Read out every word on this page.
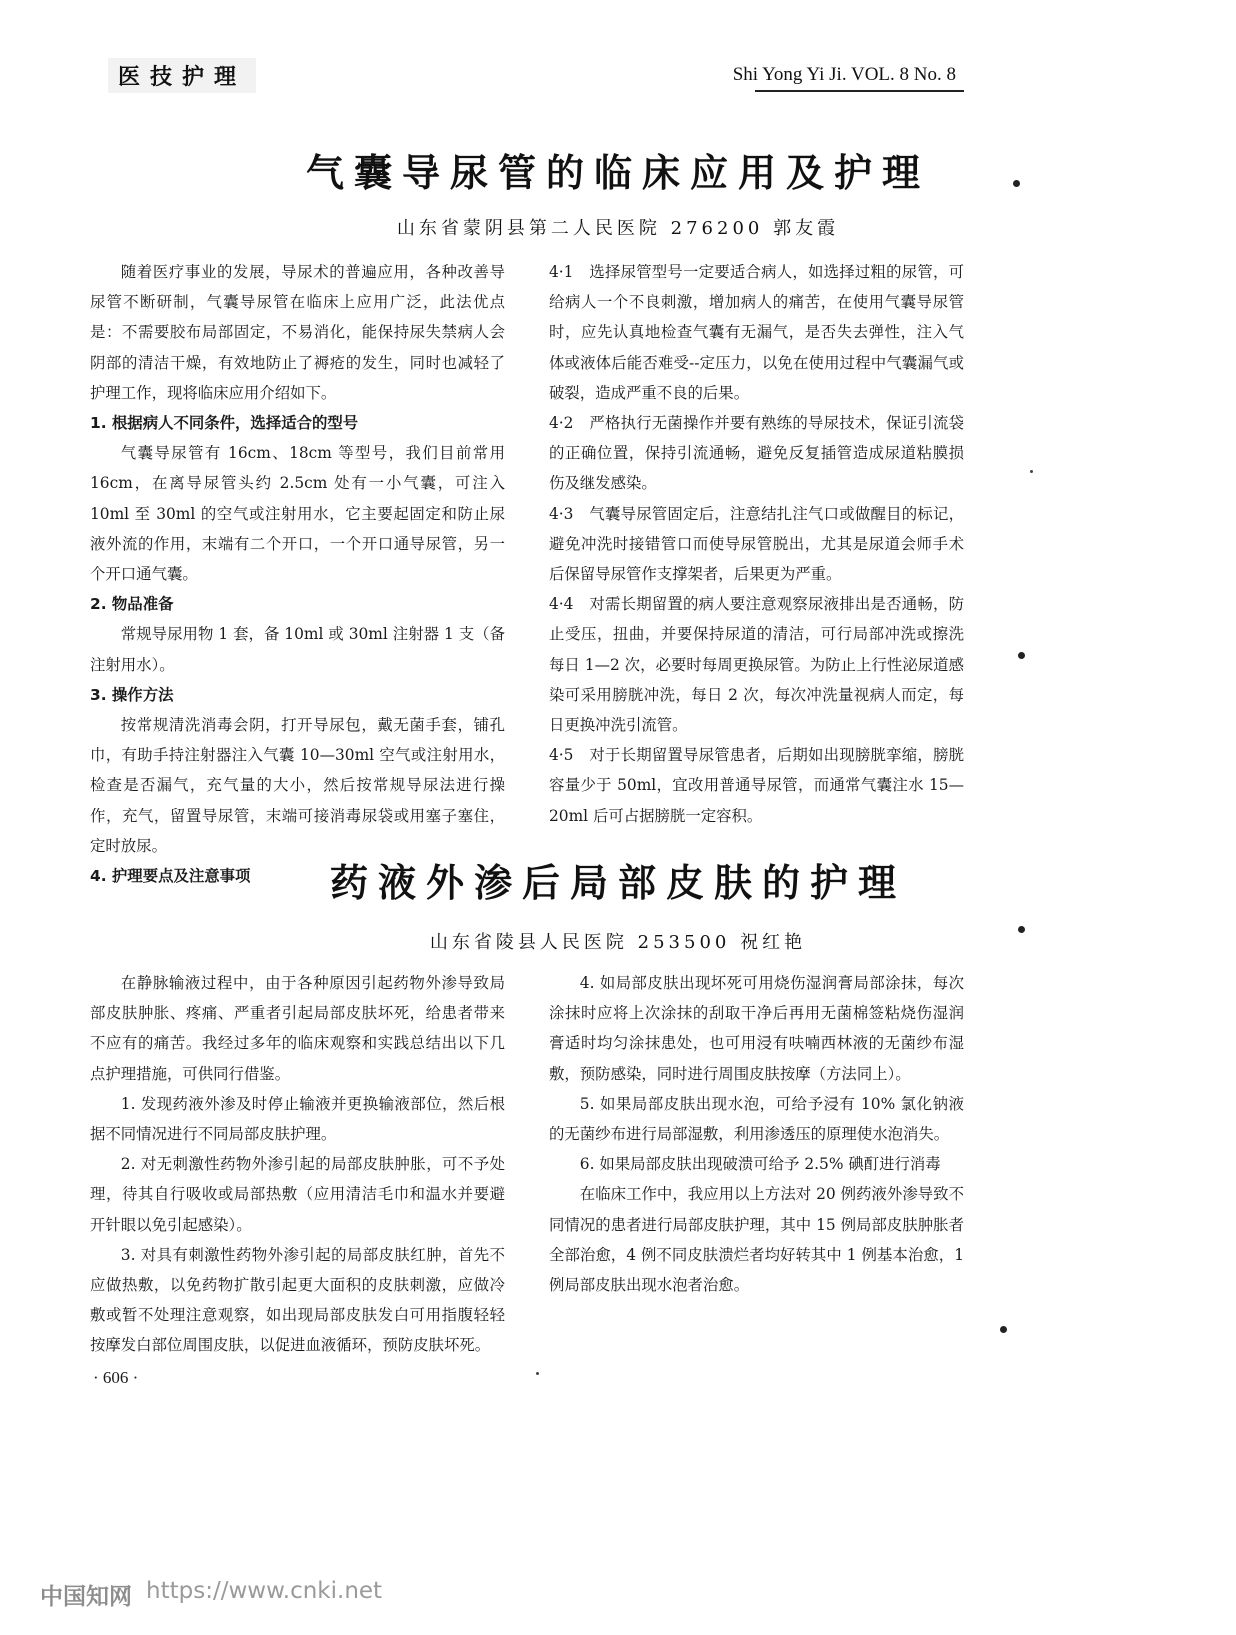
医技护理	Shi Yong Yi Ji. VOL. 8 No. 8
气囊导尿管的临床应用及护理
山东省蒙阴县第二人民医院 276200 郭友霞

随着医疗事业的发展，导尿术的普遍应用，各种改善导尿管不断研制，气囊导尿管在临床上应用广泛，此法优点是：不需要胶布局部固定，不易消化，能保持尿失禁病人会阴部的清洁干燥，有效地防止了褥疮的发生，同时也减轻了护理工作，现将临床应用介绍如下。

1. 根据病人不同条件，选择适合的型号

气囊导尿管有 16cm、18cm 等型号，我们目前常用 16cm，在离导尿管头约 2.5cm 处有一小气囊，可注入 10ml 至 30ml 的空气或注射用水，它主要起固定和防止尿液外流的作用，末端有二个开口，一个开口通导尿管，另一个开口通气囊。

2. 物品准备

常规导尿用物 1 套，备 10ml 或 30ml 注射器 1 支（备注射用水）。

3. 操作方法

按常规清洗消毒会阴，打开导尿包，戴无菌手套，铺孔巾，有助手持注射器注入气囊 10—30ml 空气或注射用水，检查是否漏气，充气量的大小，然后按常规导尿法进行操作，充气，留置导尿管，末端可接消毒尿袋或用塞子塞住，定时放尿。

4. 护理要点及注意事项

4·1　选择尿管型号一定要适合病人，如选择过粗的尿管，可给病人一个不良刺激，增加病人的痛苦，在使用气囊导尿管时，应先认真地检查气囊有无漏气，是否失去弹性，注入气体或液体后能否难受--定压力，以免在使用过程中气囊漏气或破裂，造成严重不良的后果。

4·2　严格执行无菌操作并要有熟练的导尿技术，保证引流袋的正确位置，保持引流通畅，避免反复插管造成尿道粘膜损伤及继发感染。

4·3　气囊导尿管固定后，注意结扎注气口或做醒目的标记，避免冲洗时接错管口而使导尿管脱出，尤其是尿道会师手术后保留导尿管作支撑架者，后果更为严重。

4·4　对需长期留置的病人要注意观察尿液排出是否通畅，防止受压，扭曲，并要保持尿道的清洁，可行局部冲洗或擦洗每日 1—2 次，必要时每周更换尿管。为防止上行性泌尿道感染可采用膀胱冲洗，每日 2 次，每次冲洗量视病人而定，每日更换冲洗引流管。

4·5　对于长期留置导尿管患者，后期如出现膀胱挛缩，膀胱容量少于 50ml，宜改用普通导尿管，而通常气囊注水 15—20ml 后可占据膀胱一定容积。

药液外渗后局部皮肤的护理
山东省陵县人民医院 253500 祝红艳

在静脉输液过程中，由于各种原因引起药物外渗导致局部皮肤肿胀、疼痛、严重者引起局部皮肤坏死，给患者带来不应有的痛苦。我经过多年的临床观察和实践总结出以下几点护理措施，可供同行借鉴。

1. 发现药液外渗及时停止输液并更换输液部位，然后根据不同情况进行不同局部皮肤护理。

2. 对无刺激性药物外渗引起的局部皮肤肿胀，可不予处理，待其自行吸收或局部热敷（应用清洁毛巾和温水并要避开针眼以免引起感染）。

3. 对具有刺激性药物外渗引起的局部皮肤红肿，首先不应做热敷，以免药物扩散引起更大面积的皮肤刺激，应做冷敷或暂不处理注意观察，如出现局部皮肤发白可用指腹轻轻按摩发白部位周围皮肤，以促进血液循环，预防皮肤坏死。

4. 如局部皮肤出现坏死可用烧伤湿润膏局部涂抹，每次涂抹时应将上次涂抹的刮取干净后再用无菌棉签粘烧伤湿润膏适时均匀涂抹患处，也可用浸有呋喃西林液的无菌纱布湿敷，预防感染，同时进行周围皮肤按摩（方法同上）。

5. 如果局部皮肤出现水泡，可给予浸有 10% 氯化钠液的无菌纱布进行局部湿敷，利用渗透压的原理使水泡消失。

6. 如果局部皮肤出现破溃可给予 2.5% 碘酊进行消毒

在临床工作中，我应用以上方法对 20 例药液外渗导致不同情况的患者进行局部皮肤护理，其中 15 例局部皮肤肿胀者全部治愈，4 例不同皮肤溃烂者均好转其中 1 例基本治愈，1 例局部皮肤出现水泡者治愈。

· 606 ·
中国知网 https://www.cnki.net
